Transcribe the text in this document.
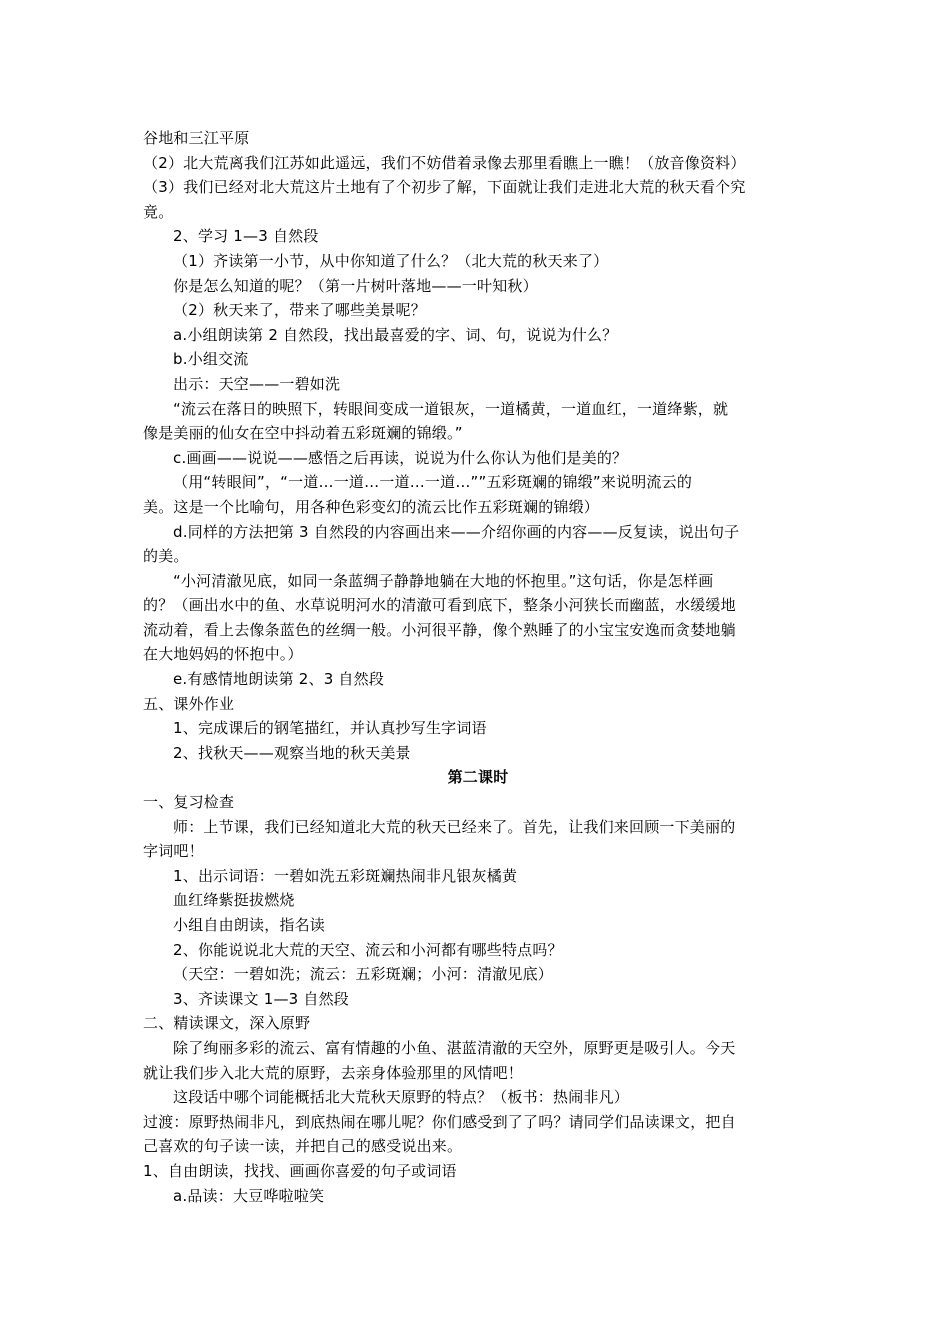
谷地和三江平原
（2）北大荒离我们江苏如此遥远，我们不妨借着录像去那里看瞧上一瞧！（放音像资料）
（3）我们已经对北大荒这片土地有了个初步了解，下面就让我们走进北大荒的秋天看个究
竟。
2、学习 1—3 自然段
（1）齐读第一小节，从中你知道了什么？（北大荒的秋天来了）
你是怎么知道的呢？（第一片树叶落地——一叶知秋）
（2）秋天来了，带来了哪些美景呢？
a.小组朗读第 2 自然段，找出最喜爱的字、词、句，说说为什么？
b.小组交流
出示：天空——一碧如洗
“流云在落日的映照下，转眼间变成一道银灰，一道橘黄，一道血红，一道绛紫，就
像是美丽的仙女在空中抖动着五彩斑斓的锦缎。”
c.画画——说说——感悟之后再读，说说为什么你认为他们是美的？
（用“转眼间”，“一道…一道…一道…一道…””五彩斑斓的锦缎”来说明流云的
美。这是一个比喻句，用各种色彩变幻的流云比作五彩斑斓的锦缎）
d.同样的方法把第 3 自然段的内容画出来——介绍你画的内容——反复读，说出句子
的美。
“小河清澈见底，如同一条蓝绸子静静地躺在大地的怀抱里。”这句话，你是怎样画
的？（画出水中的鱼、水草说明河水的清澈可看到底下，整条小河狭长而幽蓝，水缓缓地
流动着，看上去像条蓝色的丝绸一般。小河很平静，像个熟睡了的小宝宝安逸而贪婪地躺
在大地妈妈的怀抱中。）
e.有感情地朗读第 2、3 自然段
五、课外作业
1、完成课后的钢笔描红，并认真抄写生字词语
2、找秋天——观察当地的秋天美景
第二课时
一、复习检查
师：上节课，我们已经知道北大荒的秋天已经来了。首先，让我们来回顾一下美丽的
字词吧！
1、出示词语：一碧如洗五彩斑斓热闹非凡银灰橘黄
血红绛紫挺拔燃烧
小组自由朗读，指名读
2、你能说说北大荒的天空、流云和小河都有哪些特点吗？
（天空：一碧如洗；流云：五彩斑斓；小河：清澈见底）
3、齐读课文 1—3 自然段
二、精读课文，深入原野
除了绚丽多彩的流云、富有情趣的小鱼、湛蓝清澈的天空外，原野更是吸引人。今天
就让我们步入北大荒的原野，去亲身体验那里的风情吧！
这段话中哪个词能概括北大荒秋天原野的特点？（板书：热闹非凡）
过渡：原野热闹非凡，到底热闹在哪儿呢？你们感受到了了吗？请同学们品读课文，把自
己喜欢的句子读一读，并把自己的感受说出来。
1、自由朗读，找找、画画你喜爱的句子或词语
a.品读：大豆哗啦啦笑
